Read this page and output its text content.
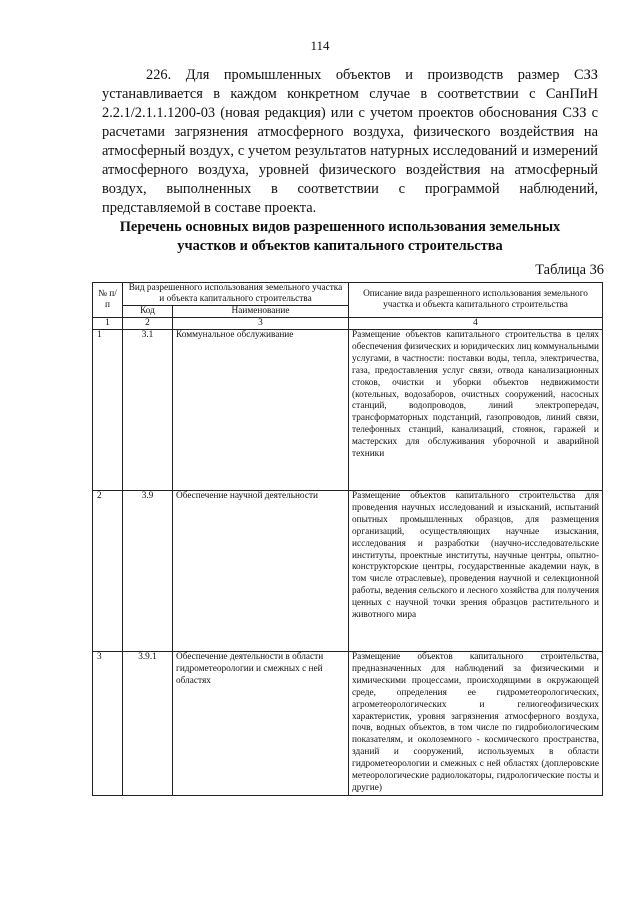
114

226. Для промышленных объектов и производств размер СЗЗ устанавливается в каждом конкретном случае в соответствии с СанПиН 2.2.1/2.1.1.1200-03 (новая редакция) или с учетом проектов обоснования СЗЗ с расчетами загрязнения атмосферного воздуха, физического воздействия на атмосферный воздух, с учетом результатов натурных исследований и измерений атмосферного воздуха, уровней физического воздействия на атмосферный воздух, выполненных в соответствии с программой наблюдений, представляемой в составе проекта.

Перечень основных видов разрешенного использования земельных участков и объектов капитального строительства
Таблица 36
№ п/п	Вид разрешенного использования земельного участка и объекта капитального строительства		Описание вида разрешенного использования земельного участка и объекта капитального строительства
	Код	Наименование	
1	2	3	4
1	3.1	Коммунальное обслуживание	Размещение объектов капитального строительства в целях обеспечения физических и юридических лиц коммунальными услугами, в частности: поставки воды, тепла, электричества, газа, предоставления услуг связи, отвода канализационных стоков, очистки и уборки объектов недвижимости (котельных, водозаборов, очистных сооружений, насосных станций, водопроводов, линий электропередач, трансформаторных подстанций, газопроводов, линий связи, телефонных станций, канализаций, стоянок, гаражей и мастерских для обслуживания уборочной и аварийной техники
2	3.9	Обеспечение научной деятельности	Размещение объектов капитального строительства для проведения научных исследований и изысканий, испытаний опытных промышленных образцов, для размещения организаций, осуществляющих научные изыскания, исследования и разработки (научно-исследовательские институты, проектные институты, научные центры, опытно-конструкторские центры, государственные академии наук, в том числе отраслевые), проведения научной и селекционной работы, ведения сельского и лесного хозяйства для получения ценных с научной точки зрения образцов растительного и животного мира
3	3.9.1	Обеспечение деятельности в области гидрометеорологии и смежных с ней областях	Размещение объектов капитального строительства, предназначенных для наблюдений за физическими и химическими процессами, происходящими в окружающей среде, определения ее гидрометеорологических, агрометеорологических и гелиогеофизических характеристик, уровня загрязнения атмосферного воздуха, почв, водных объектов, в том числе по гидробиологическим показателям, и околоземного - космического пространства, зданий и сооружений, используемых в области гидрометеорологии и смежных с ней областях (доплеровские метеорологические радиолокаторы, гидрологические посты и другие)
